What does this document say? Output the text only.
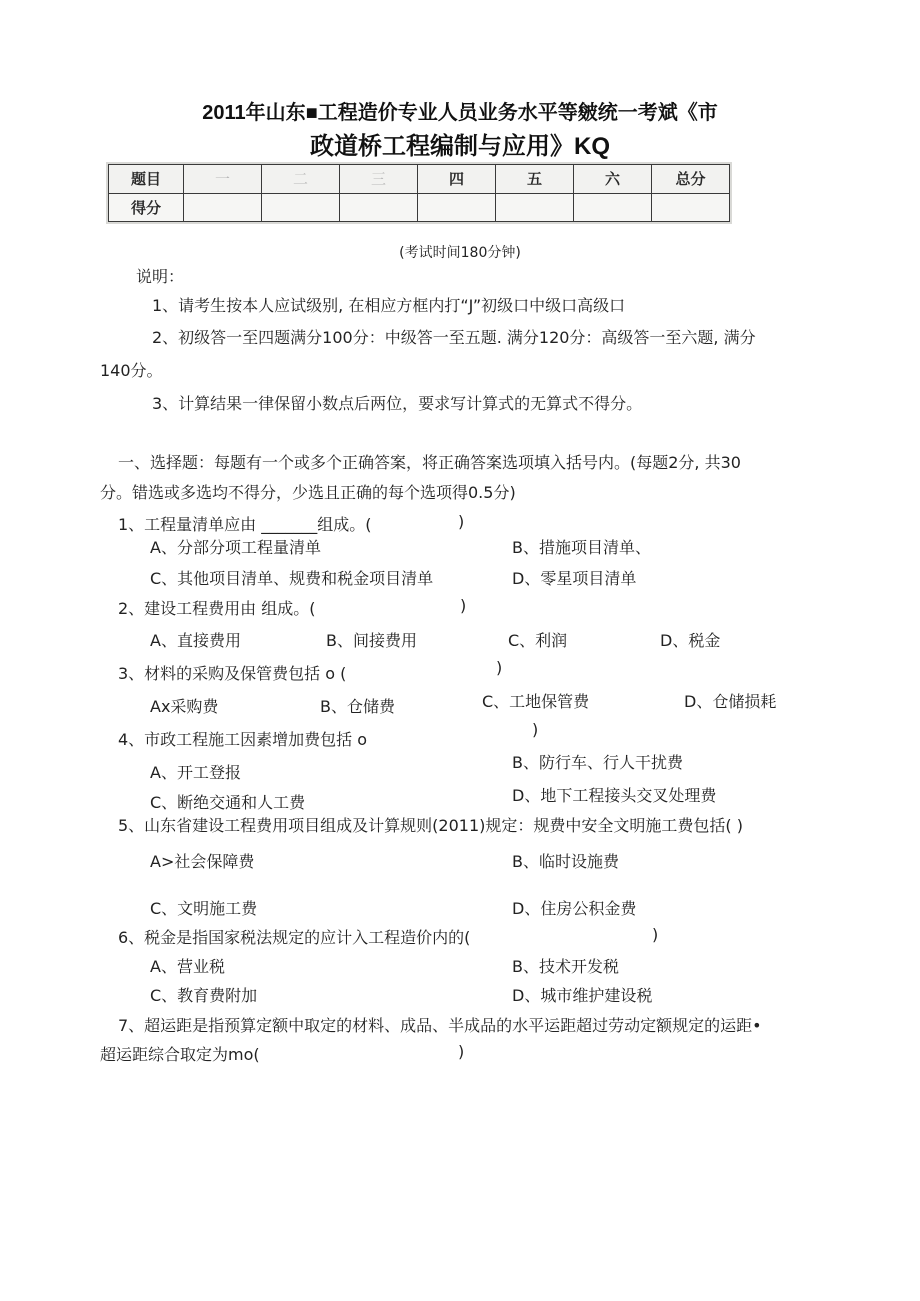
2011年山东■工程造价专业人员业务水平等皴统一考斌《市
政道桥工程编制与应用》KQ
题目	一	二	三	四	五	六	总分
得分							
(考试时间180分钟)
说明：
1、请考生按本人应试级别, 在相应方框内打“J”初级口中级口高级口
2、初级答一至四题满分100分：中级答一至五题. 满分120分：高级答一至六题, 满分
140分。
3、计算结果一律保留小数点后两位，要求写计算式的无算式不得分。
一、选择题：每题有一个或多个正确答案，将正确答案选项填入括号内。(每题2分, 共30
分。错选或多选均不得分，少选且正确的每个选项得0.5分)
1、工程量清单应由 _______组成。(	)
A、分部分项工程量清单	B、措施项目清单、
C、其他项目清单、规费和税金项目清单	D、零星项目清单
2、建设工程费用由 组成。(	)
A、直接费用	B、间接费用	C、利润	D、税金
3、材料的采购及保管费包括 o (	)
Ax采购费	B、仓储费	C、工地保管费	D、仓储损耗
)
4、市政工程施工因素增加费包括 o
B、防行车、行人干扰费
A、开工登报
D、地下工程接头交叉处理费
C、断绝交通和人工费
5、山东省建设工程费用项目组成及计算规则(2011)规定：规费中安全文明施工费包括( )
A>社会保障费	B、临时设施费
C、文明施工费	D、住房公积金费
6、税金是指国家税法规定的应计入工程造价内的(	)
A、营业税	B、技术开发税
C、教育费附加	D、城市维护建设税
7、超运距是指预算定额中取定的材料、成品、半成品的水平运距超过劳动定额规定的运距•
超运距综合取定为mo(	)
